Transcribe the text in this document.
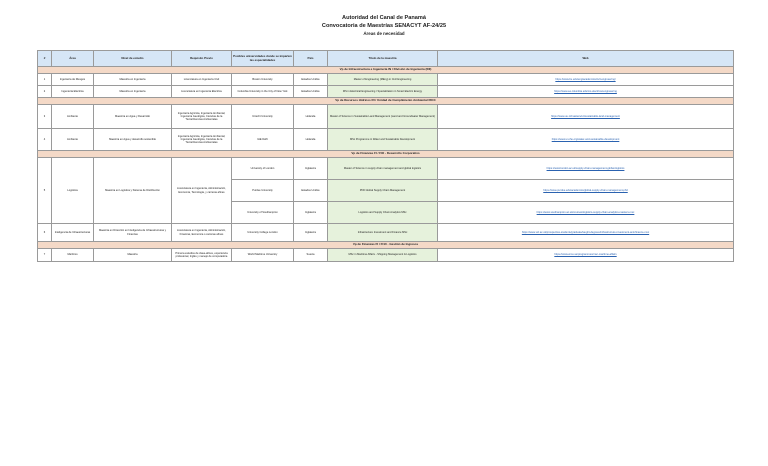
Autoridad del Canal de Panamá
Convocatoria de Maestrías SENACYT AF-24/25
Áreas de necesidad
#	Área	Nivel de estudio	Requisito Previo	Posibles universidades donde se imparten las especialidades	País	Título de la maestría	Web
Vp de Infraestructura e Ingeniería IN / División de Ingeniería (INI)							
1	Ingeniería de Riesgos	Maestría en Ingeniería	Licenciatura en Ingeniería Civil	Boston University	Estados Unidos	Master of Engineering (MEng) in Civil Engineering	https://www.bu.edu/eng/academics/civil-engineering/
2	Ingeniería Eléctrica	Maestría en Ingeniería	Licenciatura en Ingeniería Eléctrica	Columbia University in the City of New York	Estados Unidos	MS in Electrical Engineering / Specialization in Smart Electric Energy	https://www.ee.columbia.edu/ms-electrical-engineering
Vp de Recursos Hídricos RI / Unidad de Cumplimiento Ambiental RICC							
3	Ambiente	Maestría en Agua y Desarrollo	Ingeniería Agrícola, Ingeniería Ambiental, Ingeniería Geológica, Ciencias de la Tierra/Ciencias Ambientales	Utrecht University	Holanda	Master of Science in Sustainable Land Management (Land and Groundwater Management)	https://www.uu.nl/masters/en/sustainable-land-management
4	Ambiente	Maestría en Agua y desarrollo sostenible	Ingeniería Agrícola, Ingeniería Ambiental, Ingeniería Geológica, Ciencias de la Tierra/Ciencias Ambientales	IHE Delft	Holanda	MSc Programme in Water and Sustainable Development	https://www.un-ihe.org/water-and-sustainable-development
Vp de Finanzas FI / FIO - Desarrollo Corporativo							
5	Logística	Maestría en Logística y Sistema de Distribución	Licenciatura en Ingeniería, Administración, Economía, Tecnología, y carreras afines	University of London	Inglaterra	Master of Science in supply chain management and global logistics	https://www.london.ac.uk/supply-chain-management-global-logistics
				Purdue University	Estados Unidos	PhD Global Supply Chain Management	https://www.purdue.edu/academics/global-supply-chain-management-phd
				University of Southampton	Inglaterra	Logistics and Supply Chain Analytics MSc	https://www.southampton.ac.uk/courses/logistics-supply-chain-analytics-masters-msc
6	Inteligencia de Infraestructuras	Maestría en Dirección en Inteligencia de Infraestructuras y Finanzas	Licenciatura en Ingeniería, Administración, Finanzas, Economía o carreras afines	University College London	Inglaterra	Infrastructure Investment and Finance MSc	https://www.ucl.ac.uk/prospective-students/graduate/taught-degrees/infrastructure-investment-and-finance-msc
Vp de Finanzas FI / FI10 - Gestión de Ingresos							
7	Marítimo	Maestría	Primera estudios de clase-afines, experiencia profesional, Inglés y manejo de computadora	World Maritime University	Suecia	MSc in Maritime Affairs - Shipping Management & Logistics	https://www.wmu.se/programmes/msc-maritime-affairs
